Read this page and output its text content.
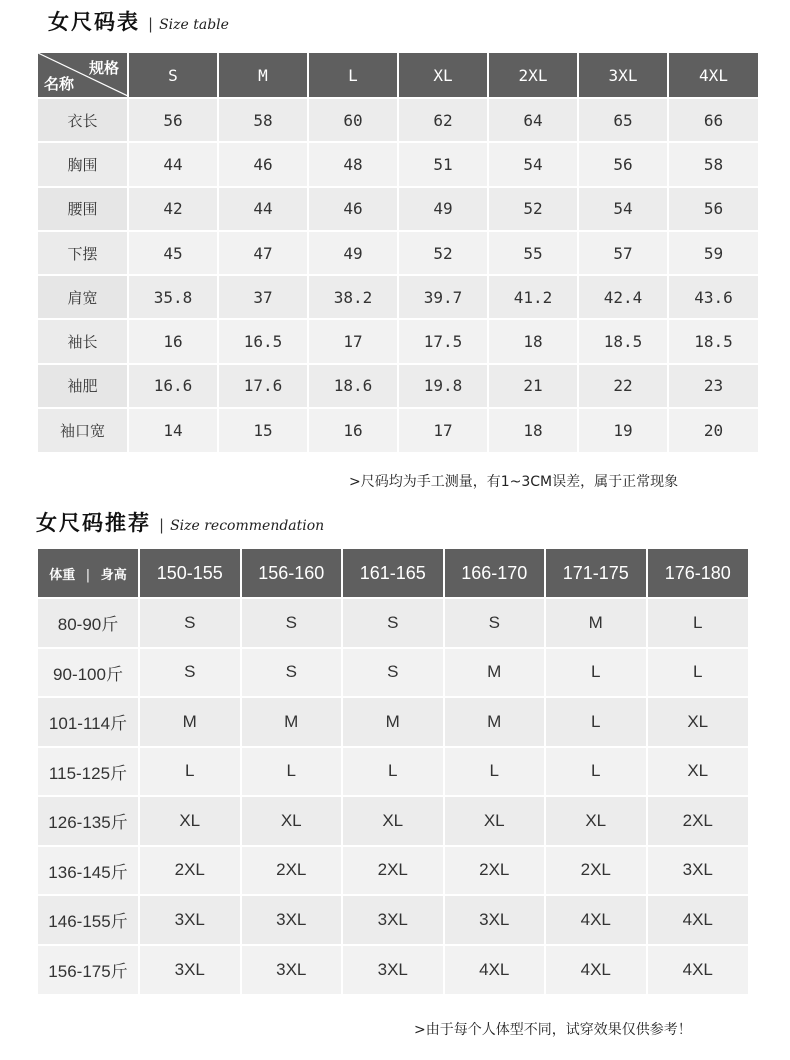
女尺码表 | Size table
规格
名称	S	M	L	XL	2XL	3XL	4XL
衣长	56	58	60	62	64	65	66
胸围	44	46	48	51	54	56	58
腰围	42	44	46	49	52	54	56
下摆	45	47	49	52	55	57	59
肩宽	35.8	37	38.2	39.7	41.2	42.4	43.6
袖长	16	16.5	17	17.5	18	18.5	18.5
袖肥	16.6	17.6	18.6	19.8	21	22	23
袖口宽	14	15	16	17	18	19	20
>尺码均为手工测量，有1~3CM误差，属于正常现象
女尺码推荐 | Size recommendation
体重 | 身高	150-155	156-160	161-165	166-170	171-175	176-180
80-90斤	S	S	S	S	M	L
90-100斤	S	S	S	M	L	L
101-114斤	M	M	M	M	L	XL
115-125斤	L	L	L	L	L	XL
126-135斤	XL	XL	XL	XL	XL	2XL
136-145斤	2XL	2XL	2XL	2XL	2XL	3XL
146-155斤	3XL	3XL	3XL	3XL	4XL	4XL
156-175斤	3XL	3XL	3XL	4XL	4XL	4XL
>由于每个人体型不同，试穿效果仅供参考！
